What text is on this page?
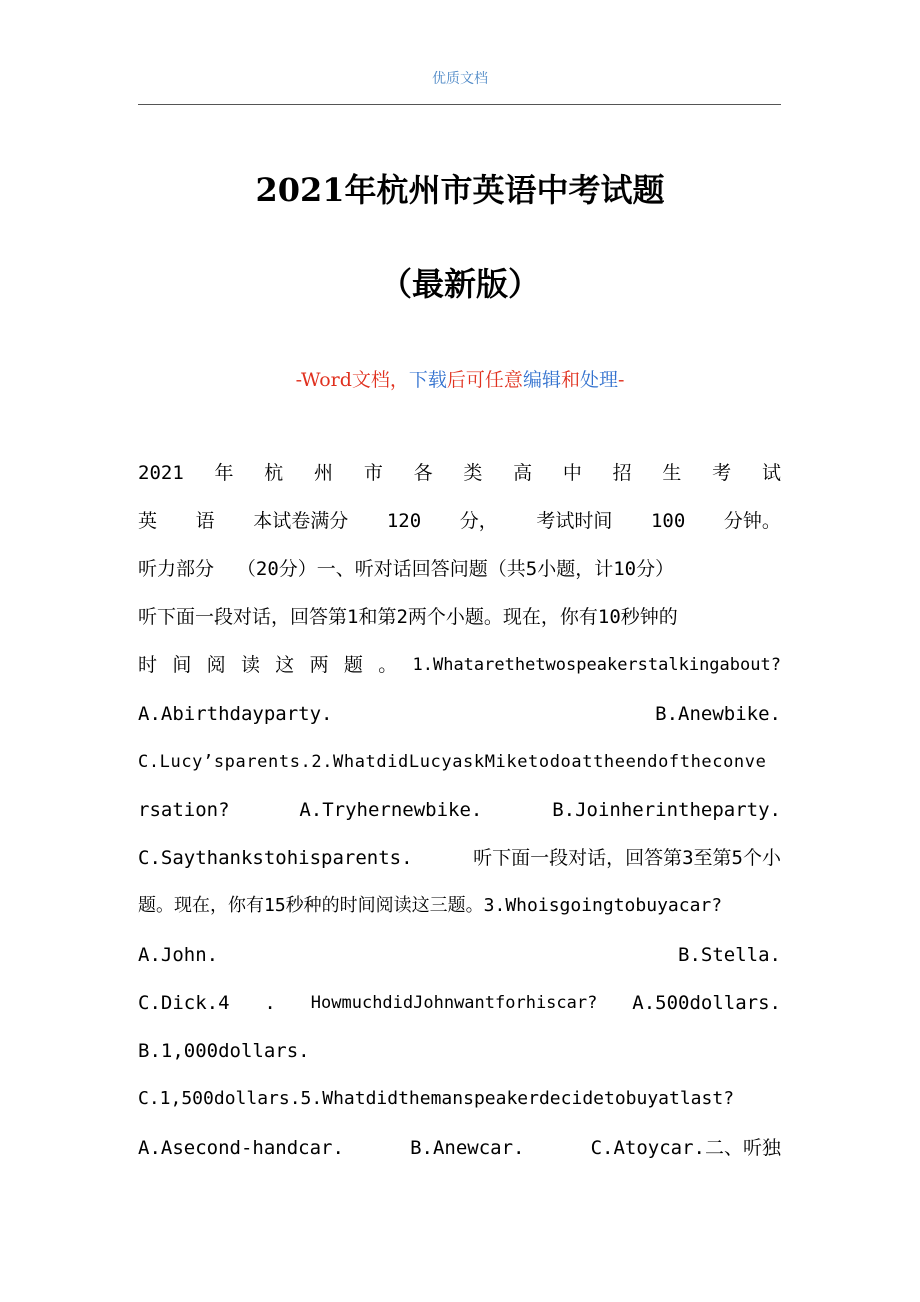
优质文档
2021年杭州市英语中考试题
（最新版）
-Word文档，下载后可任意编辑和处理-
2021 年 杭 州 市 各 类 高 中 招 生 考 试
英 语 本试卷满分 120 分， 考试时间 100 分钟。
听力部分  （20分）一、听对话回答问题（共5小题，计10分）
听下面一段对话，回答第1和第2两个小题。现在，你有10秒钟的
时 间 阅 读 这 两 题 。 1.Whatarethetwospeakerstalkingabout?
A.Abirthdayparty.	B.Anewbike.
C.Lucy’sparents.2.WhatdidLucyaskMiketodoattheendoftheconve
rsation?	A.Tryhernewbike.	B.Joinherintheparty.
C.Saythankstohisparents.	听下面一段对话，回答第3至第5个小
题。现在，你有15秒种的时间阅读这三题。3.Whoisgoingtobuyacar?
A.John.	B.Stella.
C.Dick.4 . HowmuchdidJohnwantforhiscar? A.500dollars.
B.1,000dollars.
C.1,500dollars.5.Whatdidthemanspeakerdecidetobuyatlast?
A.Asecond-handcar.	B.Anewcar.	C.Atoycar.二、听独
